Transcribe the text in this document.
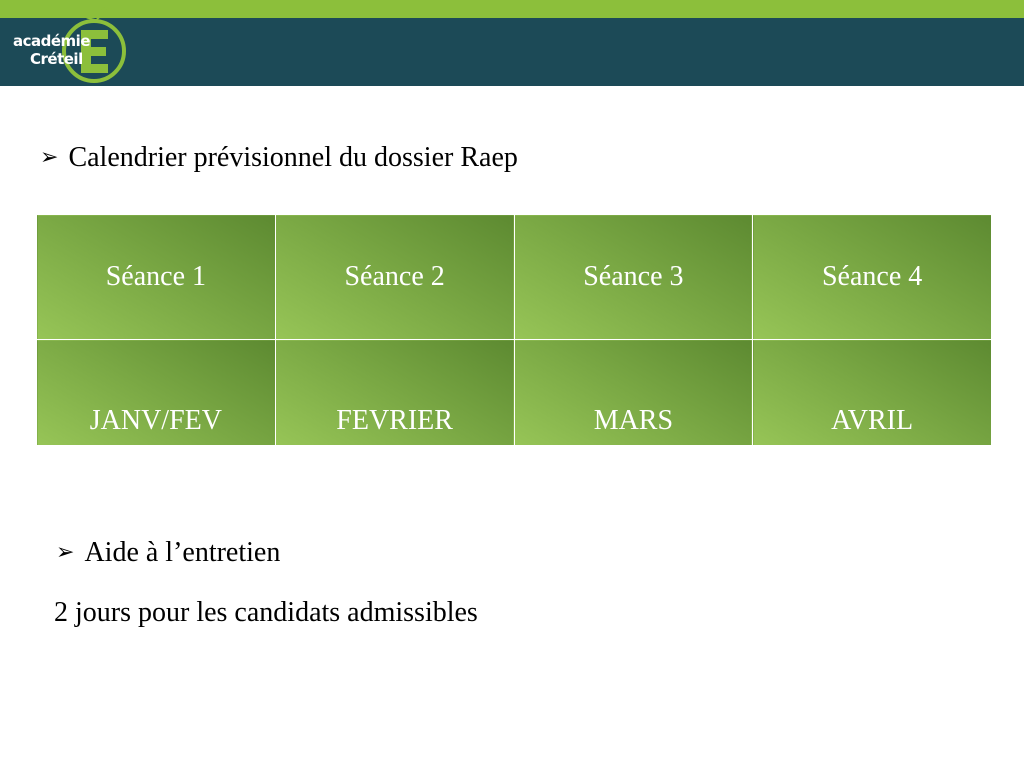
académie
Créteil
➢ Calendrier prévisionnel du dossier Raep
Séance 1	Séance 2	Séance 3	Séance 4
JANV/FEV	FEVRIER	MARS	AVRIL
➢ Aide à l’entretien
2 jours pour les candidats admissibles
